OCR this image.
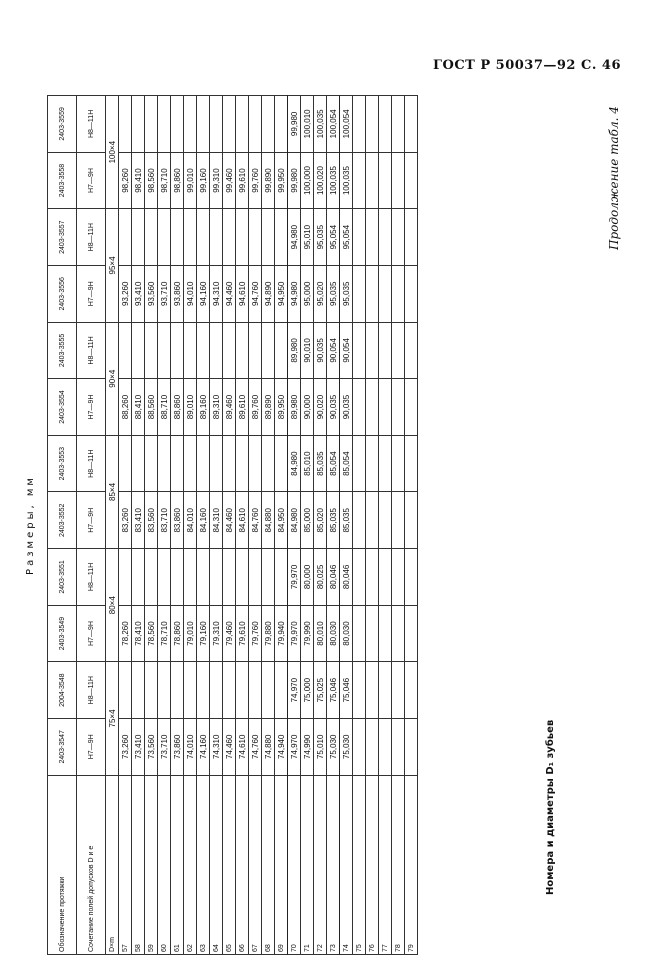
ГОСТ Р 50037—92 С. 46
Продолжение табл. 4
Размеры, мм
Обозначение протяжки	2403-3547	2004-3548	2403-3549	2403-3551	2403-3552	2403-3553	2403-3554	2403-3555	2403-3556	2403-3557	2403-3558	2403-3559
Сочетание полей допусков D и e	H7—9H	H8—11H	H7—9H	H8—11H	H7—9H	H8—11H	H7—9H	H8—11H	H7—9H	H8—11H	H7—9H	H8—11H
D×m	75×4		80×4		85×4		90×4		95×4		100×4	
57	73,260		78,260		83,260		88,260		93,260		98,260	
58	73,410		78,410		83,410		88,410		93,410		98,410	
59	73,560		78,560		83,560		88,560		93,560		98,560	
60	73,710		78,710		83,710		88,710		93,710		98,710	
61	73,860		78,860		83,860		88,860		93,860		98,860	
62	74,010		79,010		84,010		89,010		94,010		99,010	
63	74,160		79,160		84,160		89,160		94,160		99,160	
64	74,310		79,310		84,310		89,310		94,310		99,310	
65	74,460		79,460		84,460		89,460		94,460		99,460	
66	74,610		79,610		84,610		89,610		94,610		99,610	
67	74,760		79,760		84,760		89,760		94,760		99,760	
68	74,880		79,880		84,880		89,890		94,890		99,890	
69	74,940		79,940		84,950		89,950		94,950		99,950	
70	74,970	74,970	79,970	79,970	84,980	84,980	89,980	89,980	94,980	94,980	99,980	99,980
71	74,990	75,000	79,990	80,000	85,000	85,010	90,000	90,010	95,000	95,010	100,000	100,010
72	75,010	75,025	80,010	80,025	85,020	85,035	90,020	90,035	95,020	95,035	100,020	100,035
73	75,030	75,046	80,030	80,046	85,035	85,054	90,035	90,054	95,035	95,054	100,035	100,054
74	75,030	75,046	80,030	80,046	85,035	85,054	90,035	90,054	95,035	95,054	100,035	100,054
75												
76												
77												
78												
79												
Номера и диаметры D₁ зубьев
